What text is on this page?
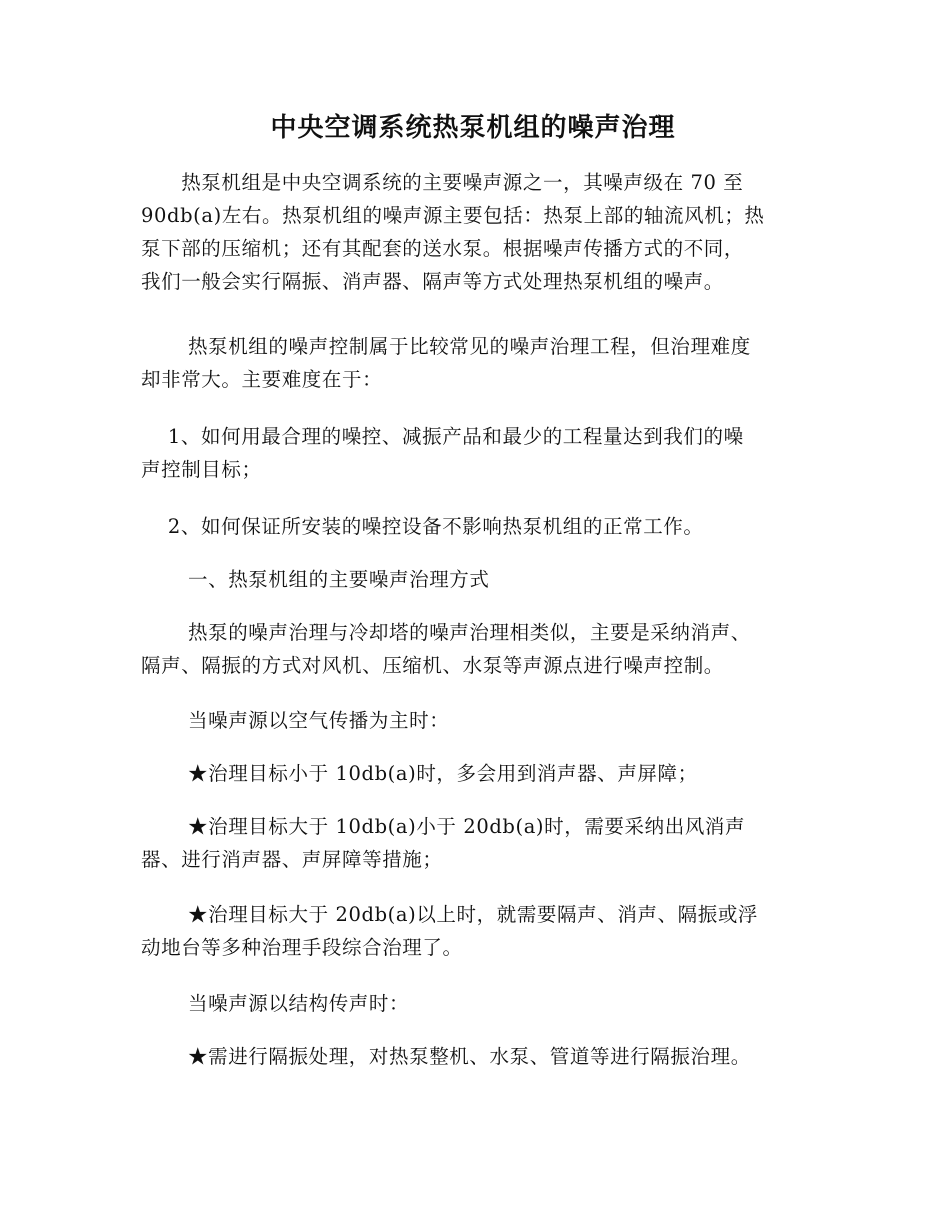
中央空调系统热泵机组的噪声治理

　　热泵机组是中央空调系统的主要噪声源之一，其噪声级在 70 至
90db(a)左右。热泵机组的噪声源主要包括：热泵上部的轴流风机；热
泵下部的压缩机；还有其配套的送水泵。根据噪声传播方式的不同，
我们一般会实行隔振、消声器、隔声等方式处理热泵机组的噪声。

　　 热泵机组的噪声控制属于比较常见的噪声治理工程，但治理难度
却非常大。主要难度在于：

　 1、如何用最合理的噪控、减振产品和最少的工程量达到我们的噪
声控制目标；

　 2、如何保证所安装的噪控设备不影响热泵机组的正常工作。

　　 一、热泵机组的主要噪声治理方式

　　 热泵的噪声治理与冷却塔的噪声治理相类似，主要是采纳消声、
隔声、隔振的方式对风机、压缩机、水泵等声源点进行噪声控制。

　　 当噪声源以空气传播为主时：

　　 ★治理目标小于 10db(a)时，多会用到消声器、声屏障；

　　 ★治理目标大于 10db(a)小于 20db(a)时，需要采纳出风消声
器、进行消声器、声屏障等措施；

　　 ★治理目标大于 20db(a)以上时，就需要隔声、消声、隔振或浮
动地台等多种治理手段综合治理了。

　　 当噪声源以结构传声时：

　　 ★需进行隔振处理，对热泵整机、水泵、管道等进行隔振治理。
